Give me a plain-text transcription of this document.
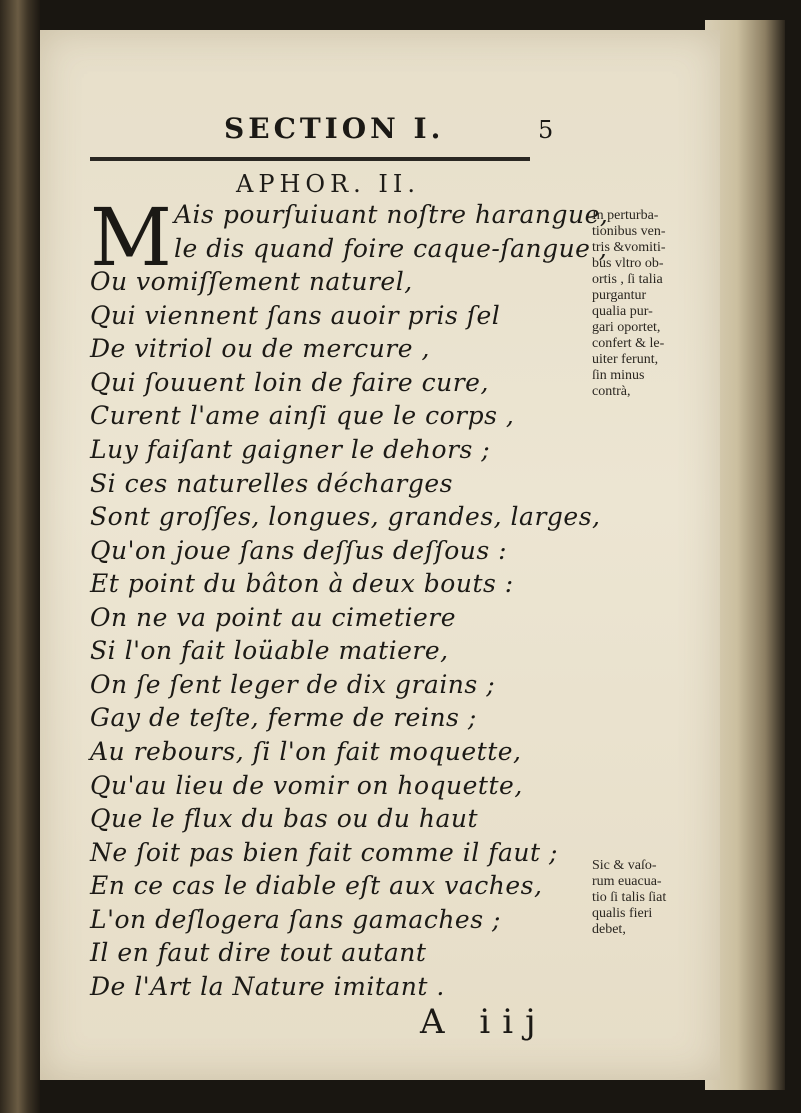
SECTION I.	5
APHOR. II.
M Ais pourſuiuant noſtre harangue,
le dis quand foire caque-ſangue ,
Ou vomiſſement naturel,
Qui viennent ſans auoir pris ſel
De vitriol ou de mercure ,
Qui ſouuent loin de faire cure,
Curent l'ame ainſi que le corps ,
Luy faiſant gaigner le dehors ;
Si ces naturelles décharges
Sont groſſes, longues, grandes, larges,
Qu'on joue ſans deſſus deſſous :
Et point du bâton à deux bouts :
On ne va point au cimetiere
Si l'on fait loüable matiere,
On ſe ſent leger de dix grains ;
Gay de teſte, ferme de reins ;
Au rebours, ſi l'on fait moquette,
Qu'au lieu de vomir on hoquette,
Que le flux du bas ou du haut
Ne ſoit pas bien fait comme il faut ;
En ce cas le diable eſt aux vaches,
L'on deſlogera ſans gamaches ;
In perturba-
tionibus ven-
tris &vomiti-
bus vltro ob-
ortis , ſi talia
purgantur
qualia pur-
gari oportet,
confert & le-
uiter ferunt,
ſin minus
contrà,
Sic & vaſo-
rum euacua-
tio ſi talis ſiat
qualis fieri
debet,
A iij
Il en faut dire tout autant
De l'Art la Nature imitant .
